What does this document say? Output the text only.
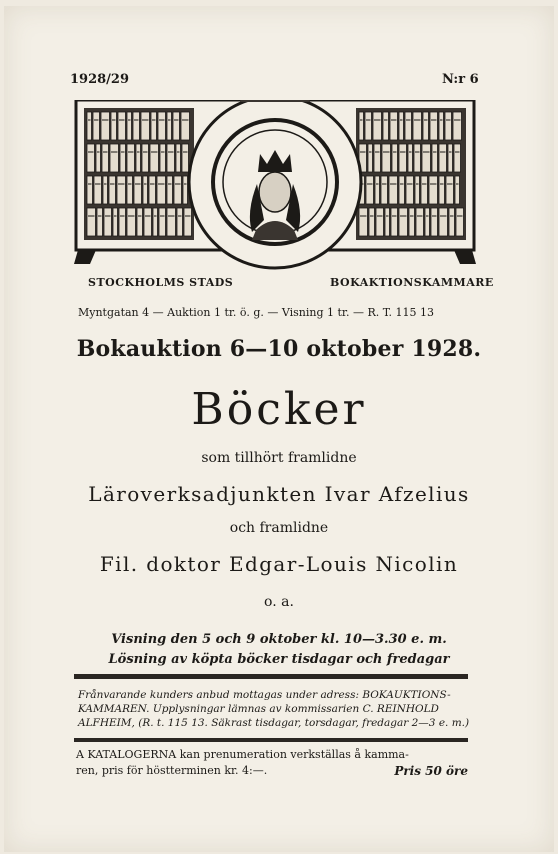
1928/29	N:r 6
STOCKHOLMS STADS	BOKAKTIONSKAMMARE
Myntgatan 4 — Auktion 1 tr. ö. g. — Visning 1 tr. — R. T. 115 13
Bokauktion 6—10 oktober 1928.
Böcker
som tillhört framlidne
Läroverksadjunkten Ivar Afzelius
och framlidne
Fil. doktor Edgar-Louis Nicolin
o. a.
Visning den 5 och 9 oktober kl. 10—3.30 e. m.
Lösning av köpta böcker tisdagar och fredagar
Frånvarande kunders anbud mottagas under adress: BOKAUKTIONS-
KAMMAREN. Upplysningar lämnas av kommissarien C. REINHOLD
ALFHEIM, (R. t. 115 13. Säkrast tisdagar, torsdagar, fredagar 2—3 e. m.)
A KATALOGERNA kan prenumeration verkställas å kamma-
ren, pris för höstterminen kr. 4:—.	Pris 50 öre
